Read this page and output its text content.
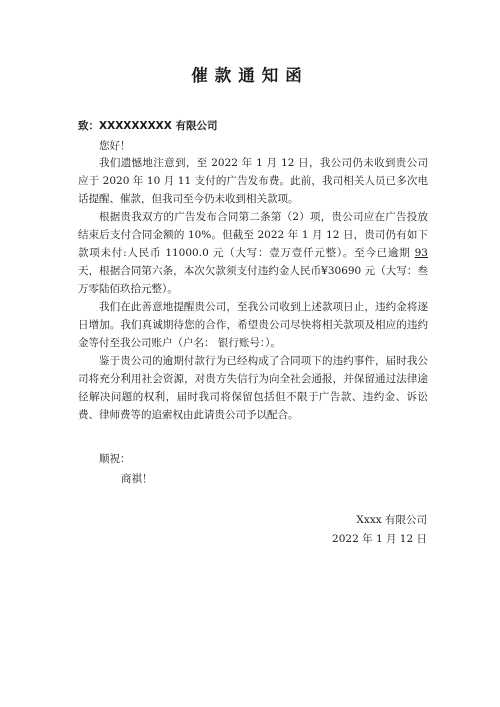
催款通知函
致：XXXXXXXXX 有限公司
您好！

我们遗憾地注意到，至 2022 年 1 月 12 日，我公司仍未收到贵公司应于 2020 年 10 月 11 支付的广告发布费。此前，我司相关人员已多次电话提醒、催款，但我司至今仍未收到相关款项。

根据贵我双方的广告发布合同第二条第（2）项，贵公司应在广告投放结束后支付合同金额的 10%。但截至 2022 年 1 月 12 日，贵司仍有如下款项未付:人民币 11000.0 元（大写：壹万壹仟元整）。至今已逾期 93 天，根据合同第六条，本次欠款须支付违约金人民币¥30690 元（大写：叁万零陆佰玖拾元整）。

我们在此善意地提醒贵公司，至我公司收到上述款项日止，违约金将逐日增加。我们真诚期待您的合作，希望贵公司尽快将相关款项及相应的违约金等付至我公司账户（户名： 银行账号：）。

鉴于贵公司的逾期付款行为已经构成了合同项下的违约事件，届时我公司将充分利用社会资源，对贵方失信行为向全社会通报，并保留通过法律途径解决问题的权利，届时我司将保留包括但不限于广告款、违约金、诉讼费、律师费等的追索权由此请贵公司予以配合。

顺祝：
商祺！
Xxxx 有限公司
2022 年 1 月 12 日
